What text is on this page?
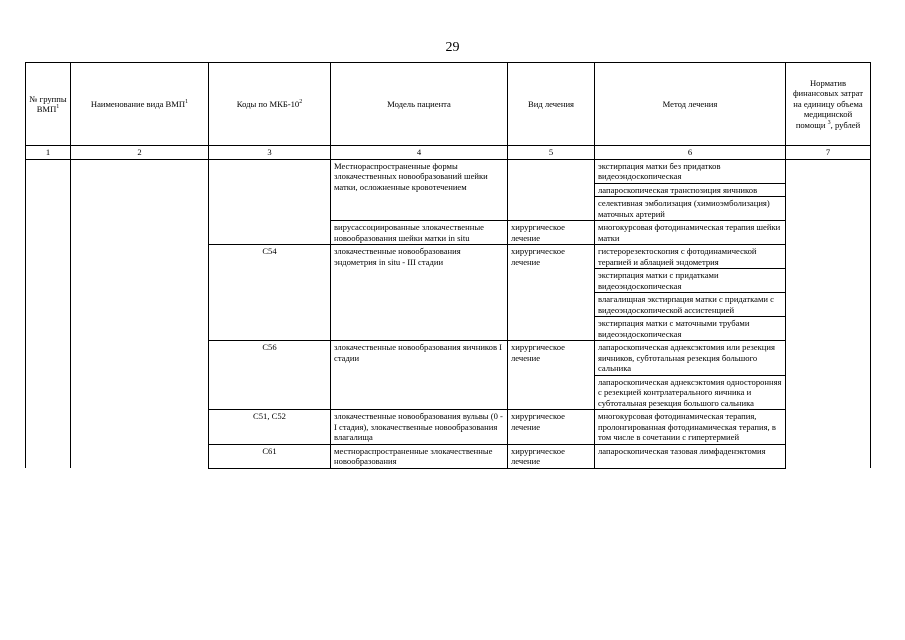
29
№ группы ВМП$^1$	Наименование вида ВМП$^1$	Коды по МКБ-$10^2$	Модель пациента	Вид лечения	Метод лечения	Норматив финансовых затрат на единицу объема медицинской помощи $^3$, рублей
1	2	3	4	5	6	7
			Местнораспространенные формы злокачественных новообразований шейки матки, осложненные кровотечением		экстирпация матки без придатков видеоэндоскопическая
лапароскопическая транспозиция яичников
селективная эмболизация (химиоэмболизация) маточных артерий	

			вирусассоциированные злокачественные новообразования шейки матки in situ	хирургическое лечение	многокурсовая фотодинамическая терапия шейки матки	

		C54	злокачественные новообразования эндометрия in situ - III стадии	хирургическое лечение	гистерорезектоскопия с фотодинамической терапией и аблацией эндометрия
экстирпация матки с придатками видеоэндоскопическая
влагалищная экстирпация матки с придатками с видеоэндоскопической ассистенцией
экстирпация матки с маточными трубами видеоэндоскопическая	

		C56	злокачественные новообразования яичников I стадии	хирургическое лечение	лапароскопическая аднексэктомия или резекция яичников, субтотальная резекция большого сальника
лапароскопическая аднексэктомия односторонняя с резекцией контрлатерального яичника и субтотальная резекция большого сальника	

		C51, C52	злокачественные новообразования вульвы (0 - I стадия), злокачественные новообразования влагалища	хирургическое лечение	многокурсовая фотодинамическая терапия, пролонгированная фотодинамическая терапия, в том числе в сочетании с гипертермией	

		C61	местнораспространенные злокачественные новообразования	хирургическое лечение	лапароскопическая тазовая лимфаденэктомия	
